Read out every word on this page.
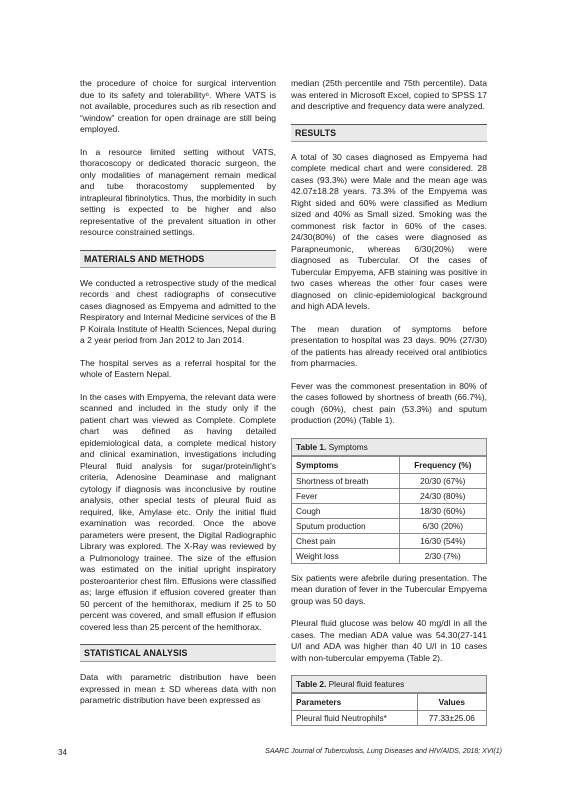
the procedure of choice for surgical intervention due to its safety and tolerability⁶. Where VATS is not available, procedures such as rib resection and “window” creation for open drainage are still being employed.

In a resource limited setting without VATS, thoracoscopy or dedicated thoracic surgeon, the only modalities of management remain medical and tube thoracostomy supplemented by intrapleural fibrinolytics. Thus, the morbidity in such setting is expected to be higher and also representative of the prevalent situation in other resource constrained settings.

MATERIALS AND METHODS

We conducted a retrospective study of the medical records and chest radiographs of consecutive cases diagnosed as Empyema and admitted to the Respiratory and Internal Medicine services of the B P Koirala Institute of Health Sciences, Nepal during a 2 year period from Jan 2012 to Jan 2014.

The hospital serves as a referral hospital for the whole of Eastern Nepal.

In the cases with Empyema, the relevant data were scanned and included in the study only if the patient chart was viewed as Complete. Complete chart was defined as having detailed epidemiological data, a complete medical history and clinical examination, investigations including Pleural fluid analysis for sugar/protein/light’s criteria, Adenosine Deaminase and malignant cytology if diagnosis was inconclusive by routine analysis, other special tests of pleural fluid as required, like, Amylase etc. Only the initial fluid examination was recorded. Once the above parameters were present, the Digital Radiographic Library was explored. The X-Ray was reviewed by a Pulmonology trainee. The size of the effusion was estimated on the initial upright inspiratory posteroanterior chest film. Effusions were classified as; large effusion if effusion covered greater than 50 percent of the hemithorax, medium if 25 to 50 percent was covered, and small effusion if effusion covered less than 25 percent of the hemithorax.

STATISTICAL ANALYSIS

Data with parametric distribution have been expressed in mean ± SD whereas data with non parametric distribution have been expressed as

median (25th percentile and 75th percentile). Data was entered in Microsoft Excel, copied to SPSS 17 and descriptive and frequency data were analyzed.

RESULTS

A total of 30 cases diagnosed as Empyema had complete medical chart and were considered. 28 cases (93.3%) were Male and the mean age was 42.07±18.28 years. 73.3% of the Empyema was Right sided and 60% were classified as Medium sized and 40% as Small sized. Smoking was the commonest risk factor in 60% of the cases. 24/30(80%) of the cases were diagnosed as Parapneumonic, whereas 6/30(20%) were diagnosed as Tubercular. Of the cases of Tubercular Empyema, AFB staining was positive in two cases whereas the other four cases were diagnosed on clinic-epidemiological background and high ADA levels.

The mean duration of symptoms before presentation to hospital was 23 days. 90% (27/30) of the patients has already received oral antibiotics from pharmacies.

Fever was the commonest presentation in 80% of the cases followed by shortness of breath (66.7%), cough (60%), chest pain (53.3%) and sputum production (20%) (Table 1).

Table 1. Symptoms
Symptoms	Frequency (%)
Shortness of breath	20/30 (67%)
Fever	24/30 (80%)
Cough	18/30 (60%)
Sputum production	6/30 (20%)
Chest pain	16/30 (54%)
Weight loss	2/30 (7%)

Six patients were afebrile during presentation. The mean duration of fever in the Tubercular Empyema group was 50 days.

Pleural fluid glucose was below 40 mg/dl in all the cases. The median ADA value was 54.30(27-141 U/l and ADA was higher than 40 U/l in 10 cases with non-tubercular empyema (Table 2).

Table 2. Pleural fluid features
Parameters	Values
Pleural fluid Neutrophils*	77.33±25.06
34	SAARC Journal of Tuberculosis, Lung Diseases and HIV/AIDS, 2018; XVI(1)
